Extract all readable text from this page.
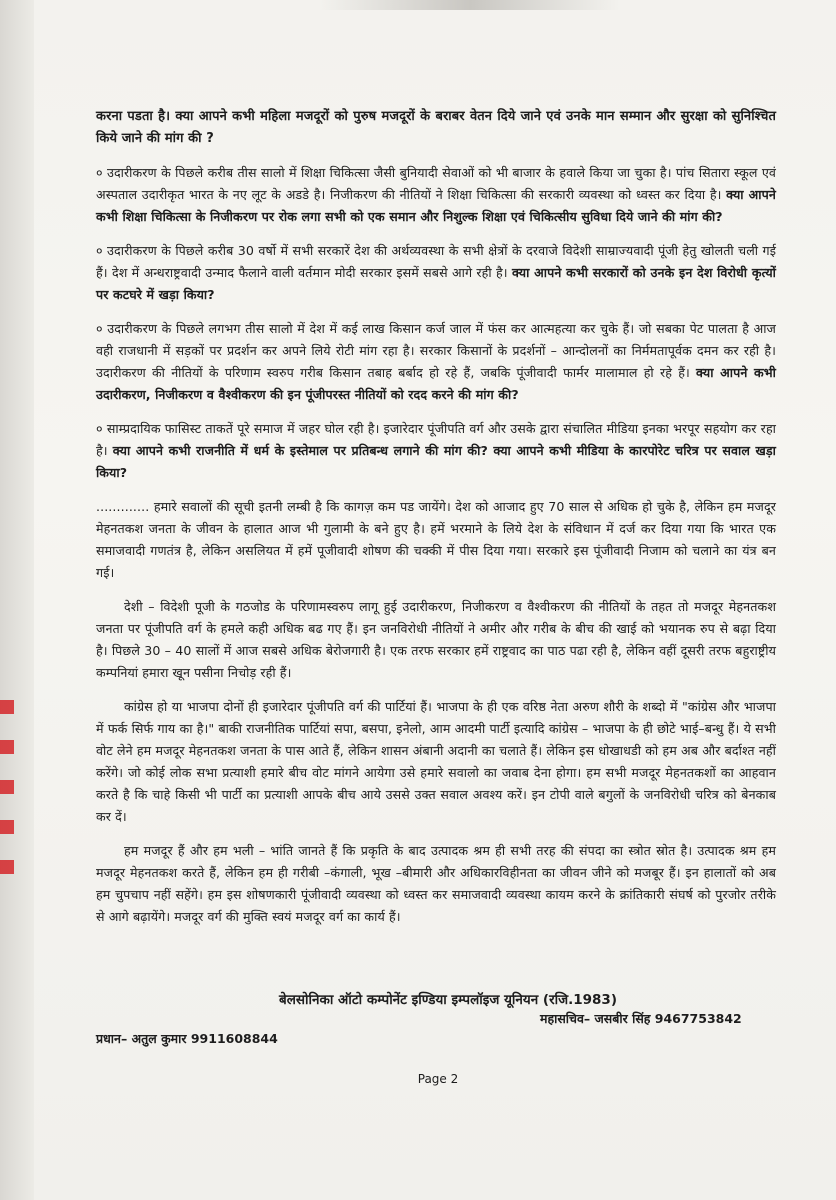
करना पडता है। क्या आपने कभी महिला मजदूरों को पुरुष मजदूरों के बराबर वेतन दिये जाने एवं उनके मान सम्मान और सुरक्षा को सुनिश्चित किये जाने की मांग की ?

० उदारीकरण के पिछले करीब तीस सालो में शिक्षा चिकित्सा जैसी बुनियादी सेवाओं को भी बाजार के हवाले किया जा चुका है। पांच सितारा स्कूल एवं अस्पताल उदारीकृत भारत के नए लूट के अडडे है। निजीकरण की नीतियों ने शिक्षा चिकित्सा की सरकारी व्यवस्था को ध्वस्त कर दिया है। क्या आपने कभी शिक्षा चिकित्सा के निजीकरण पर रोक लगा सभी को एक समान और निशुल्क शिक्षा एवं चिकित्सीय सुविधा दिये जाने की मांग की?

० उदारीकरण के पिछले करीब 30 वर्षो में सभी सरकारें देश की अर्थव्यवस्था के सभी क्षेत्रों के दरवाजे विदेशी साम्राज्यवादी पूंजी हेतु खोलती चली गई हैं। देश में अन्धराष्ट्रवादी उन्माद फैलाने वाली वर्तमान मोदी सरकार इसमें सबसे आगे रही है। क्या आपने कभी सरकारों को उनके इन देश विरोधी कृत्यों पर कटघरे में खड़ा किया?

० उदारीकरण के पिछले लगभग तीस सालो में देश में कई लाख किसान कर्ज जाल में फंस कर आत्महत्या कर चुके हैं। जो सबका पेट पालता है आज वही राजधानी में सड़कों पर प्रदर्शन कर अपने लिये रोटी मांग रहा है। सरकार किसानों के प्रदर्शनों – आन्दोलनों का निर्ममतापूर्वक दमन कर रही है। उदारीकरण की नीतियों के परिणाम स्वरुप गरीब किसान तबाह बर्बाद हो रहे हैं, जबकि पूंजीवादी फार्मर मालामाल हो रहे हैं। क्या आपने कभी उदारीकरण, निजीकरण व वैश्वीकरण की इन पूंजीपरस्त नीतियों को रदद करने की मांग की?

० साम्प्रदायिक फासिस्ट ताकतें पूरे समाज में जहर घोल रही है। इजारेदार पूंजीपति वर्ग और उसके द्वारा संचालित मीडिया इनका भरपूर सहयोग कर रहा है। क्या आपने कभी राजनीति में धर्म के इस्तेमाल पर प्रतिबन्ध लगाने की मांग की? क्या आपने कभी मीडिया के कारपोरेट चरित्र पर सवाल खड़ा किया?

............. हमारे सवालों की सूची इतनी लम्बी है कि कागज़ कम पड जायेंगे। देश को आजाद हुए 70 साल से अधिक हो चुके है, लेकिन हम मजदूर मेहनतकश जनता के जीवन के हालात आज भी गुलामी के बने हुए है। हमें भरमाने के लिये देश के संविधान में दर्ज कर दिया गया कि भारत एक समाजवादी गणतंत्र है, लेकिन असलियत में हमें पूजीवादी शोषण की चक्की में पीस दिया गया। सरकारे इस पूंजीवादी निजाम को चलाने का यंत्र बन गई।

देशी – विदेशी पूजी के गठजोड के परिणामस्वरुप लागू हुई उदारीकरण, निजीकरण व वैश्वीकरण की नीतियों के तहत तो मजदूर मेहनतकश जनता पर पूंजीपति वर्ग के हमले कही अधिक बढ गए हैं। इन जनविरोधी नीतियों ने अमीर और गरीब के बीच की खाई को भयानक रुप से बढ़ा दिया है। पिछले 30 – 40 सालों में आज सबसे अधिक बेरोजगारी है। एक तरफ सरकार हमें राष्ट्रवाद का पाठ पढा रही है, लेकिन वहीं दूसरी तरफ बहुराष्ट्रीय कम्पनियां हमारा खून पसीना निचोड़ रही हैं।

कांग्रेस हो या भाजपा दोनों ही इजारेदार पूंजीपति वर्ग की पार्टियां हैं। भाजपा के ही एक वरिष्ठ नेता अरुण शौरी के शब्दो में "कांग्रेस और भाजपा में फर्क सिर्फ गाय का है।" बाकी राजनीतिक पार्टियां सपा, बसपा, इनेलो, आम आदमी पार्टी इत्यादि कांग्रेस – भाजपा के ही छोटे भाई–बन्धु हैं। ये सभी वोट लेने हम मजदूर मेहनतकश जनता के पास आते हैं, लेकिन शासन अंबानी अदानी का चलाते हैं। लेकिन इस धोखाधडी को हम अब और बर्दाश्त नहीं करेंगे। जो कोई लोक सभा प्रत्याशी हमारे बीच वोट मांगने आयेगा उसे हमारे सवालो का जवाब देना होगा। हम सभी मजदूर मेहनतकशों का आहवान करते है कि चाहे किसी भी पार्टी का प्रत्याशी आपके बीच आये उससे उक्त सवाल अवश्य करें। इन टोपी वाले बगुलों के जनविरोधी चरित्र को बेनकाब कर दें।

हम मजदूर हैं और हम भली – भांति जानते हैं कि प्रकृति के बाद उत्पादक श्रम ही सभी तरह की संपदा का स्त्रोत स्रोत है। उत्पादक श्रम हम मजदूर मेहनतकश करते हैं, लेकिन हम ही गरीबी –कंगाली, भूख –बीमारी और अधिकारविहीनता का जीवन जीने को मजबूर हैं। इन हालातों को अब हम चुपचाप नहीं सहेंगे। हम इस शोषणकारी पूंजीवादी व्यवस्था को ध्वस्त कर समाजवादी व्यवस्था कायम करने के क्रांतिकारी संघर्ष को पुरजोर तरीके से आगे बढ़ायेंगे। मजदूर वर्ग की मुक्ति स्वयं मजदूर वर्ग का कार्य हैं।

बेलसोनिका ऑटो कम्पोनेंट इण्डिया इम्पलॉइज यूनियन (रजि.1983)
महासचिव– जसबीर सिंह 9467753842
प्रधान– अतुल कुमार 9911608844
Page 2
